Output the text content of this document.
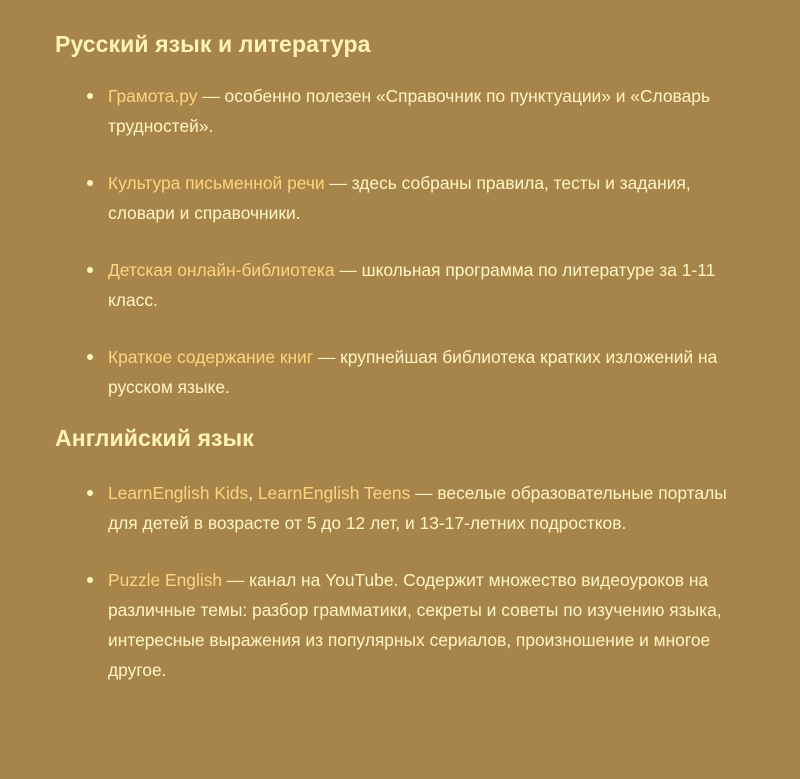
Русский язык и литература
Грамота.ру — особенно полезен «Справочник по пунктуации» и «Словарь трудностей».
Культура письменной речи — здесь собраны правила, тесты и задания, словари и справочники.
Детская онлайн-библиотека — школьная программа по литературе за 1-11 класс.
Краткое содержание книг — крупнейшая библиотека кратких изложений на русском языке.
Английский язык
LearnEnglish Kids, LearnEnglish Teens — веселые образовательные порталы для детей в возрасте от 5 до 12 лет, и 13-17-летних подростков.
Puzzle English — канал на YouTube. Содержит множество видеоуроков на различные темы: разбор грамматики, секреты и советы по изучению языка, интересные выражения из популярных сериалов, произношение и многое другое.
